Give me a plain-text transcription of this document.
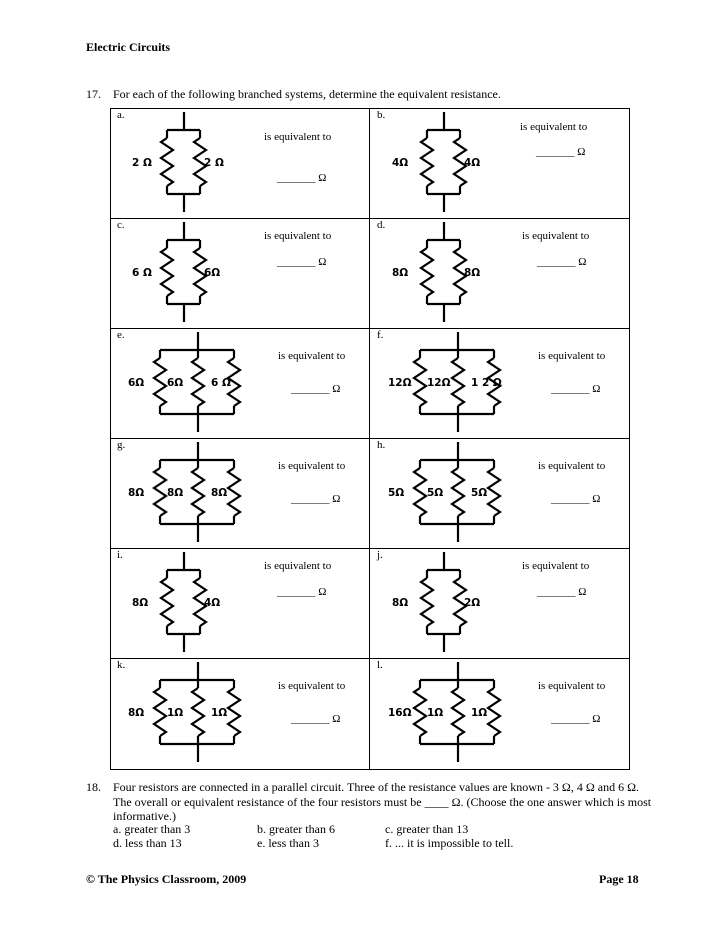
Electric Circuits
17. For each of the following branched systems, determine the equivalent resistance.
a.
2 Ω	2 Ω
is equivalent to
_______ Ω
b.
4Ω	4Ω
is equivalent to
_______ Ω
c.
6 Ω	6Ω
is equivalent to
_______ Ω
d.
8Ω	8Ω
is equivalent to
_______ Ω
e.
6Ω 6Ω	6 Ω
is equivalent to
_______ Ω
f.
12Ω 12Ω 1 2 Ω
is equivalent to
_______ Ω
g.
8Ω 8Ω	8Ω
is equivalent to
_______ Ω
h.
5Ω 5Ω	5Ω
is equivalent to
_______ Ω
i.
8Ω	4Ω
is equivalent to
_______ Ω
j.
8Ω	2Ω
is equivalent to
_______ Ω
k.
8Ω 1Ω	1Ω
is equivalent to
_______ Ω
l.
16Ω 1Ω	1Ω
is equivalent to
_______ Ω
18. Four resistors are connected in a parallel circuit. Three of the resistance values are known - 3 Ω, 4 Ω and 6 Ω. The overall or equivalent resistance of the four resistors must be ____ Ω. (Choose the one answer which is most informative.)
a. greater than 3	b. greater than 6	c. greater than 13
d. less than 13	e. less than 3	f. ... it is impossible to tell.
© The Physics Classroom, 2009	Page 18
